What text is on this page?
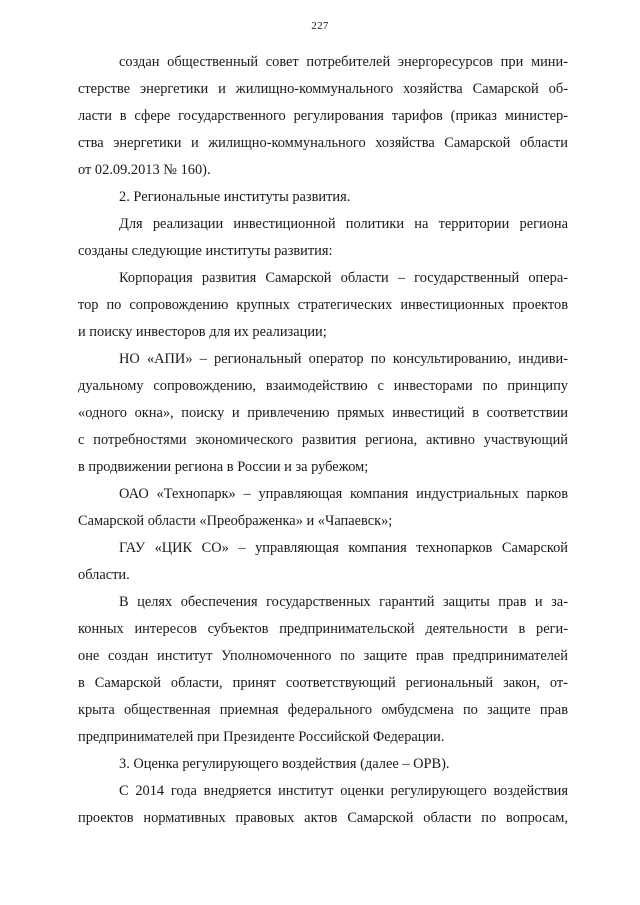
227
создан общественный совет потребителей энергоресурсов при мини-
стерстве энергетики и жилищно-коммунального хозяйства Самарской об-
ласти в сфере государственного регулирования тарифов (приказ министер-
ства энергетики и жилищно-коммунального хозяйства Самарской области
от 02.09.2013 № 160).
2. Региональные институты развития.
Для реализации инвестиционной политики на территории региона
созданы следующие институты развития:
Корпорация развития Самарской области – государственный опера-
тор по сопровождению крупных стратегических инвестиционных проектов
и поиску инвесторов для их реализации;
НО «АПИ» – региональный оператор по консультированию, индиви-
дуальному сопровождению, взаимодействию с инвесторами по принципу
«одного окна», поиску и привлечению прямых инвестиций в соответствии
с потребностями экономического развития региона, активно участвующий
в продвижении региона в России и за рубежом;
ОАО «Технопарк» – управляющая компания индустриальных парков
Самарской области «Преображенка» и «Чапаевск»;
ГАУ «ЦИК СО» – управляющая компания технопарков Самарской
области.
В целях обеспечения государственных гарантий защиты прав и за-
конных интересов субъектов предпринимательской деятельности в реги-
оне создан институт Уполномоченного по защите прав предпринимателей
в Самарской области, принят соответствующий региональный закон, от-
крыта общественная приемная федерального омбудсмена по защите прав
предпринимателей при Президенте Российской Федерации.
3. Оценка регулирующего воздействия (далее – ОРВ).
С 2014 года внедряется институт оценки регулирующего воздействия
проектов нормативных правовых актов Самарской области по вопросам,
